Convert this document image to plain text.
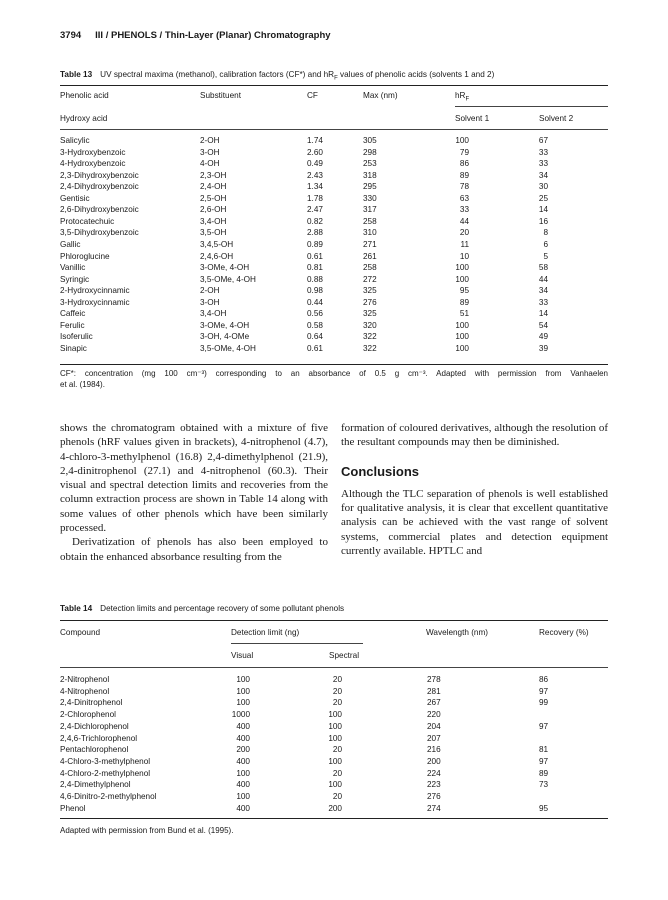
3794 III / PHENOLS / Thin-Layer (Planar) Chromatography
Table 13 UV spectral maxima (methanol), calibration factors (CF*) and $hR_F$ values of phenolic acids (solvents 1 and 2)
Phenolic acid	Substituent	CF	Max (nm)	$hR_F$
Hydroxy acid	Solvent 1	Solvent 2
Salicylic	2-OH	1.74	305	100	67
3-Hydroxybenzoic	3-OH	2.60	298	79	33
4-Hydroxybenzoic	4-OH	0.49	253	86	33
2,3-Dihydroxybenzoic	2,3-OH	2.43	318	89	34
2,4-Dihydroxybenzoic	2,4-OH	1.34	295	78	30
Gentisic	2,5-OH	1.78	330	63	25
2,6-Dihydroxybenzoic	2,6-OH	2.47	317	33	14
Protocatechuic	3,4-OH	0.82	258	44	16
3,5-Dihydroxybenzoic	3,5-OH	2.88	310	20	8
Gallic	3,4,5-OH	0.89	271	11	6
Phloroglucine	2,4,6-OH	0.61	261	10	5
Vanillic	3-OMe, 4-OH	0.81	258	100	58
Syringic	3,5-OMe, 4-OH	0.88	272	100	44
2-Hydroxycinnamic	2-OH	0.98	325	95	34
3-Hydroxycinnamic	3-OH	0.44	276	89	33
Caffeic	3,4-OH	0.56	325	51	14
Ferulic	3-OMe, 4-OH	0.58	320	100	54
Isoferulic	3-OH, 4-OMe	0.64	322	100	49
Sinapic	3,5-OMe, 4-OH	0.61	322	100	39
CF*: concentration (mg 100 cm⁻³) corresponding to an absorbance of 0.5 g cm⁻³. Adapted with permission from Vanhaelen
et al. (1984).

shows the chromatogram obtained with a mixture of five phenols (hRF values given in brackets), 4-nitrophenol (4.7), 4-chloro-3-methylphenol (16.8) 2,4-dimethylphenol (21.9), 2,4-dinitrophenol (27.1) and 4-nitrophenol (60.3). Their visual and spectral detection limits and recoveries from the column extraction process are shown in Table 14 along with some values of other phenols which have been similarly processed.

Derivatization of phenols has also been employed to obtain the enhanced absorbance resulting from the

formation of coloured derivatives, although the resolution of the resultant compounds may then be diminished.

Conclusions

Although the TLC separation of phenols is well established for qualitative analysis, it is clear that excellent quantitative analysis can be achieved with the vast range of solvent systems, commercial plates and detection equipment currently available. HPTLC and

Table 14 Detection limits and percentage recovery of some pollutant phenols
Compound	Detection limit (ng)	Wavelength (nm)	Recovery (%)
Visual	Spectral
2-Nitrophenol	100	20	278	86
4-Nitrophenol	100	20	281	97
2,4-Dinitrophenol	100	20	267	99
2-Chlorophenol	1000	100	220
2,4-Dichlorophenol	400	100	204	97
2,4,6-Trichlorophenol	400	100	207
Pentachlorophenol	200	20	216	81
4-Chloro-3-methylphenol	400	100	200	97
4-Chloro-2-methylphenol	100	20	224	89
2,4-Dimethylphenol	400	100	223	73
4,6-Dinitro-2-methylphenol	100	20	276
Phenol	400	200	274	95
Adapted with permission from Bund et al. (1995).
